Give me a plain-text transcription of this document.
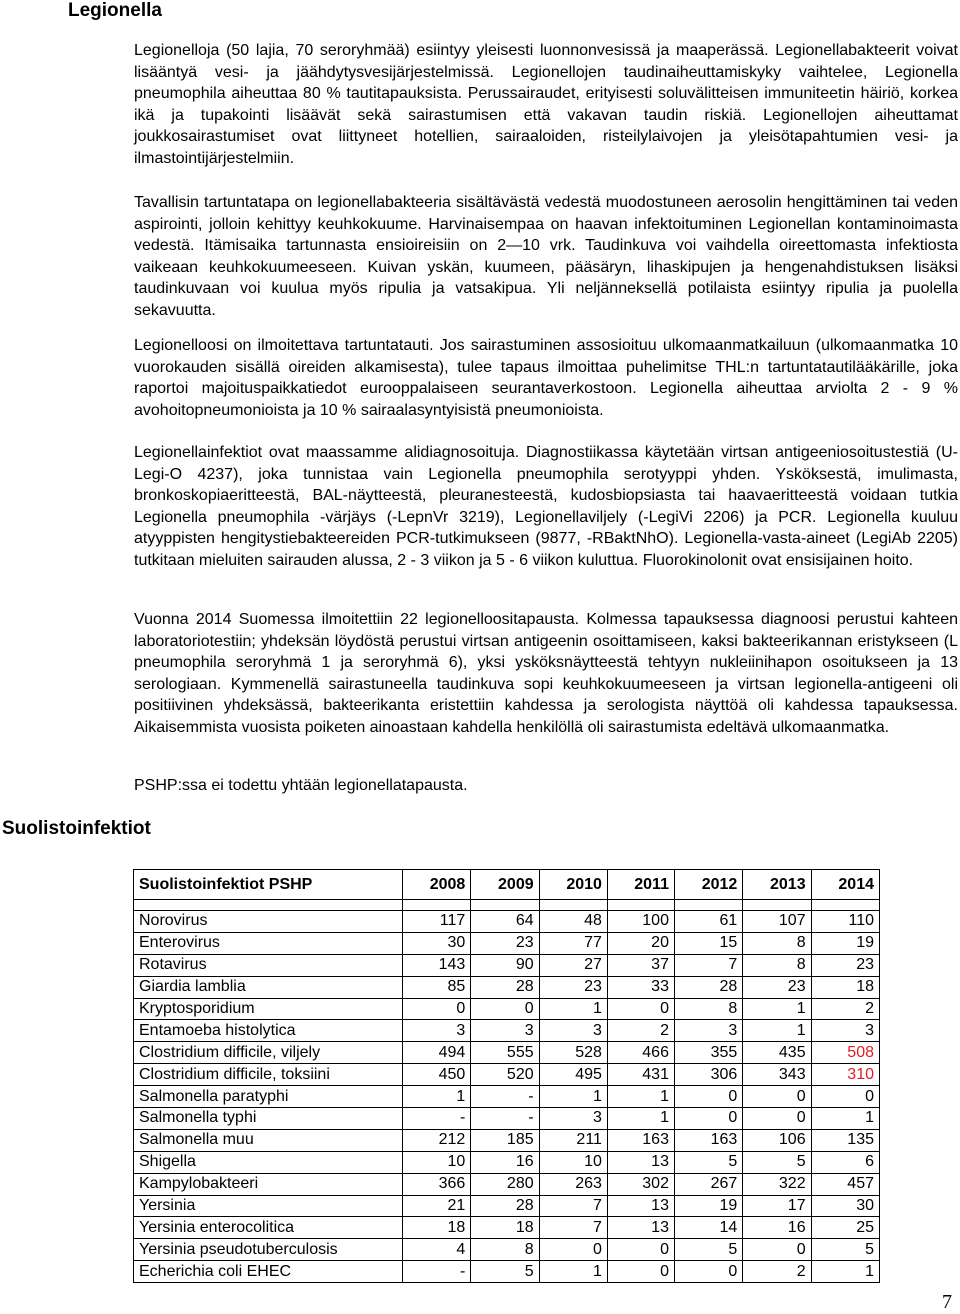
Legionella
Suolistoinfektiot

Legionelloja (50 lajia, 70 seroryhmää) esiintyy yleisesti luonnonvesissä ja maaperässä. Legionellabakteerit voivat lisääntyä vesi- ja jäähdytysvesijärjestelmissä. Legionellojen taudinaiheuttamiskyky vaihtelee, Legionella pneumophila aiheuttaa 80 % tautitapauksista. Perussairaudet, erityisesti soluvälitteisen immuniteetin häiriö, korkea ikä ja tupakointi lisäävät sekä sairastumisen että vakavan taudin riskiä. Legionellojen aiheuttamat joukkosairastumiset ovat liittyneet hotellien, sairaaloiden, risteilylaivojen ja yleisötapahtumien vesi- ja ilmastointijärjestelmiin.

Tavallisin tartuntatapa on legionellabakteeria sisältävästä vedestä muodostuneen aerosolin hengittäminen tai veden aspirointi, jolloin kehittyy keuhkokuume. Harvinaisempaa on haavan infektoituminen Legionellan kontaminoimasta vedestä. Itämisaika tartunnasta ensioireisiin on 2—10 vrk. Taudinkuva voi vaihdella oireettomasta infektiosta vaikeaan keuhkokuumeeseen. Kuivan yskän, kuumeen, pääsäryn, lihaskipujen ja hengenahdistuksen lisäksi taudinkuvaan voi kuulua myös ripulia ja vatsakipua. Yli neljänneksellä potilaista esiintyy ripulia ja puolella sekavuutta.

Legionelloosi on ilmoitettava tartuntatauti. Jos sairastuminen assosioituu ulkomaanmatkailuun (ulkomaanmatka 10 vuorokauden sisällä oireiden alkamisesta), tulee tapaus ilmoittaa puhelimitse THL:n tartuntatautilääkärille, joka raportoi majoituspaikkatiedot eurooppalaiseen seurantaverkostoon. Legionella aiheuttaa arviolta 2 - 9 % avohoitopneumonioista ja 10 % sairaalasyntyisistä pneumonioista.

Legionellainfektiot ovat maassamme alidiagnosoituja. Diagnostiikassa käytetään virtsan antigeeniosoitustestiä (U-Legi-O 4237), joka tunnistaa vain Legionella pneumophila serotyyppi yhden. Ysköksestä, imulimasta, bronkoskopiaeritteestä, BAL-näytteestä, pleuranesteestä, kudosbiopsiasta tai haavaeritteestä voidaan tutkia Legionella pneumophila -värjäys (-LepnVr 3219), Legionellaviljely (-LegiVi 2206) ja PCR. Legionella kuuluu atyyppisten hengitystiebakteereiden PCR-tutkimukseen (9877, -RBaktNhO). Legionella-vasta-aineet (LegiAb 2205) tutkitaan mieluiten sairauden alussa, 2 - 3 viikon ja 5 - 6 viikon kuluttua. Fluorokinolonit ovat ensisijainen hoito.

Vuonna 2014 Suomessa ilmoitettiin 22 legionelloositapausta. Kolmessa tapauksessa diagnoosi perustui kahteen laboratoriotestiin; yhdeksän löydöstä perustui virtsan antigeenin osoittamiseen, kaksi bakteerikannan eristykseen (L pneumophila seroryhmä 1 ja seroryhmä 6), yksi ysköksnäytteestä tehtyyn nukleiinihapon osoitukseen ja 13 serologiaan. Kymmenellä sairastuneella taudinkuva sopi keuhkokuumeeseen ja virtsan legionella-antigeeni oli positiivinen yhdeksässä, bakteerikanta eristettiin kahdessa ja serologista näyttöä oli kahdessa tapauksessa. Aikaisemmista vuosista poiketen ainoastaan kahdella henkilöllä oli sairastumista edeltävä ulkomaanmatka.

PSHP:ssa ei todettu yhtään legionellatapausta.

Suolistoinfektiot PSHP	2008	2009	2010	2011	2012	2013	2014

Norovirus	117	64	48	100	61	107	110
Enterovirus	30	23	77	20	15	8	19
Rotavirus	143	90	27	37	7	8	23
Giardia lamblia	85	28	23	33	28	23	18
Kryptosporidium	0	0	1	0	8	1	2
Entamoeba histolytica	3	3	3	2	3	1	3
Clostridium difficile, viljely	494	555	528	466	355	435	508
Clostridium difficile, toksiini	450	520	495	431	306	343	310
Salmonella paratyphi	1	-	1	1	0	0	0
Salmonella typhi	-	-	3	1	0	0	1
Salmonella muu	212	185	211	163	163	106	135
Shigella	10	16	10	13	5	5	6
Kampylobakteeri	366	280	263	302	267	322	457
Yersinia	21	28	7	13	19	17	30
Yersinia enterocolitica	18	18	7	13	14	16	25
Yersinia pseudotuberculosis	4	8	0	0	5	0	5
Echerichia coli EHEC	-	5	1	0	0	2	1
7
